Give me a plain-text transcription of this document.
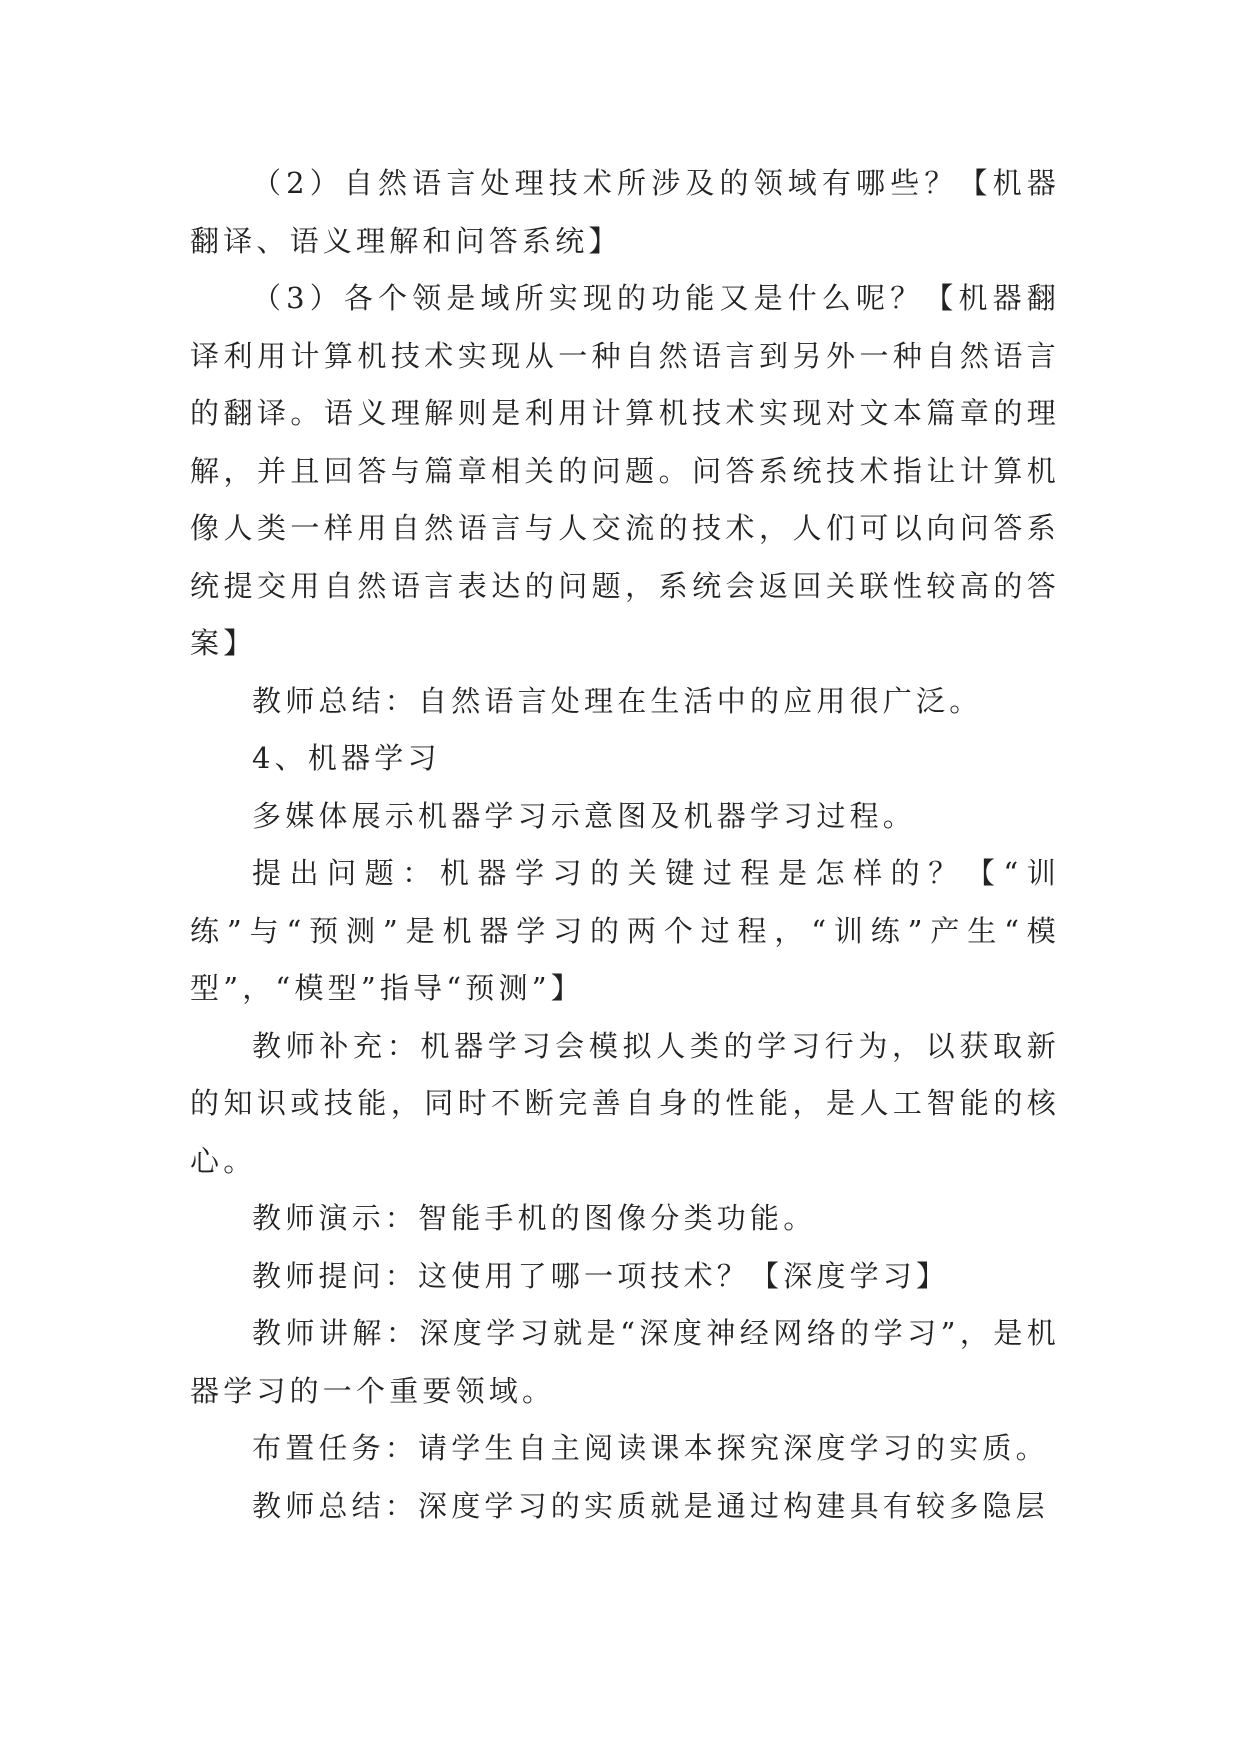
（2）自然语言处理技术所涉及的领域有哪些？【机器翻译、语义理解和问答系统】

（3）各个领是域所实现的功能又是什么呢？【机器翻译利用计算机技术实现从一种自然语言到另外一种自然语言的翻译。语义理解则是利用计算机技术实现对文本篇章的理解，并且回答与篇章相关的问题。问答系统技术指让计算机像人类一样用自然语言与人交流的技术，人们可以向问答系统提交用自然语言表达的问题，系统会返回关联性较高的答案】

教师总结：自然语言处理在生活中的应用很广泛。

4、机器学习

多媒体展示机器学习示意图及机器学习过程。

提出问题：机器学习的关键过程是怎样的？【“训练”与“预测”是机器学习的两个过程，“训练”产生“模型”，“模型”指导“预测”】

教师补充：机器学习会模拟人类的学习行为，以获取新的知识或技能，同时不断完善自身的性能，是人工智能的核心。

教师演示：智能手机的图像分类功能。

教师提问：这使用了哪一项技术？【深度学习】

教师讲解：深度学习就是“深度神经网络的学习”，是机器学习的一个重要领域。

布置任务：请学生自主阅读课本探究深度学习的实质。

教师总结：深度学习的实质就是通过构建具有较多隐层
